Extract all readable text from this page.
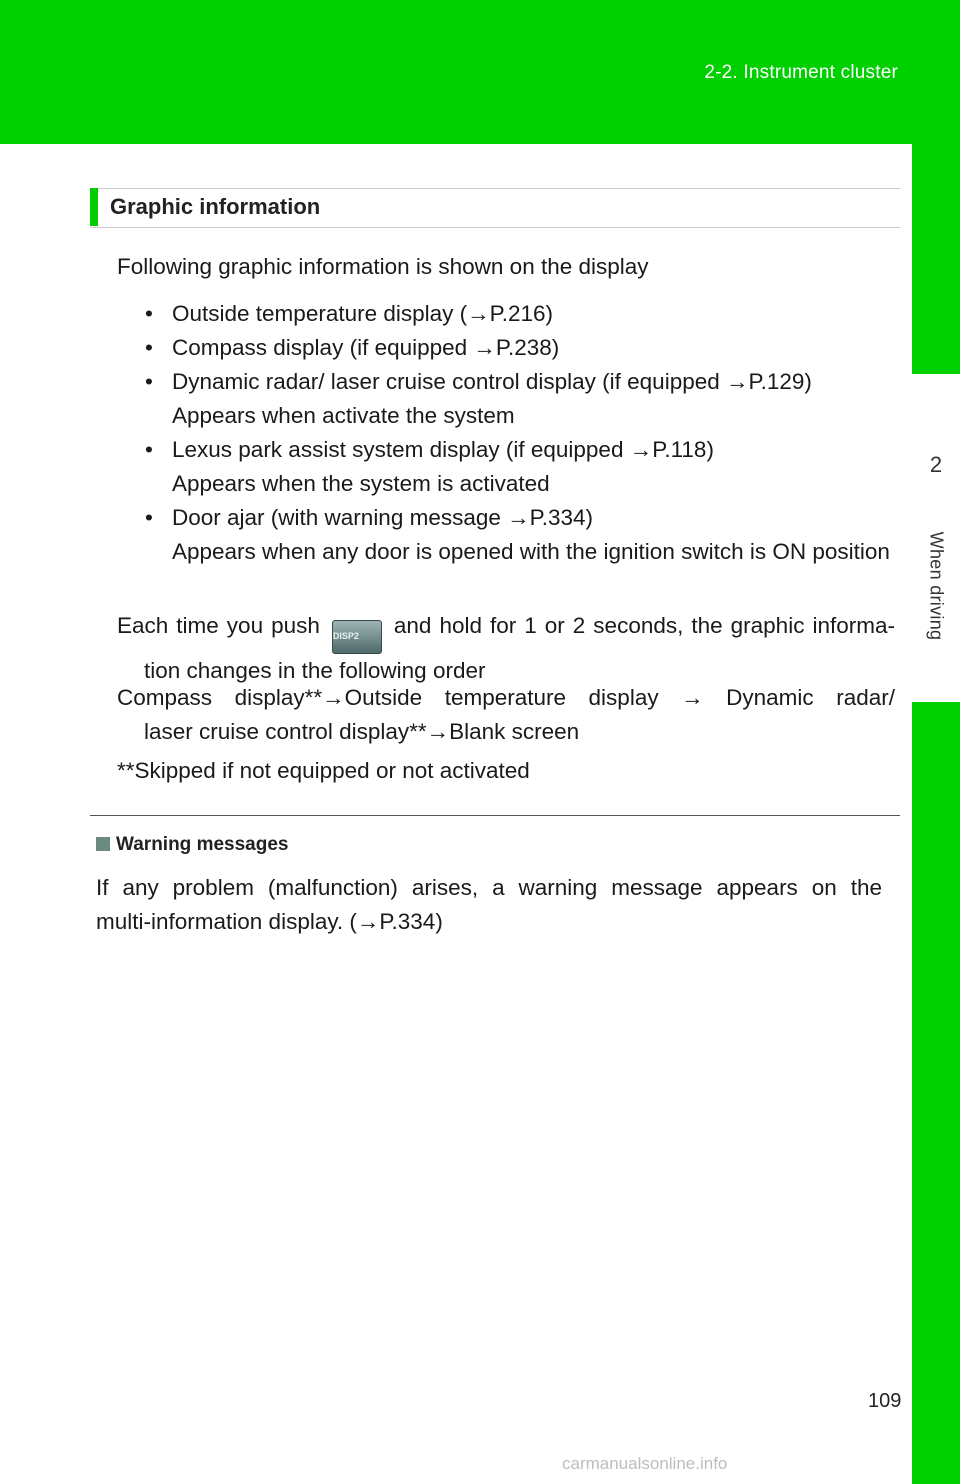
2-2. Instrument cluster
2
When driving
Graphic information
Following graphic information is shown on the display
• Outside temperature display (→P.216)
• Compass display (if equipped →P.238)
• Dynamic radar/ laser cruise control display (if equipped →P.129)
Appears when activate the system
• Lexus park assist system display (if equipped →P.118)
Appears when the system is activated
• Door ajar (with warning message →P.334)
Appears when any door is opened with the ignition switch is ON position
Each time you push DISP2 and hold for 1 or 2 seconds, the graphic informa-
tion changes in the following order
Compass display**→Outside temperature display → Dynamic radar/
laser cruise control display**→Blank screen
**Skipped if not equipped or not activated
Warning messages
If any problem (malfunction) arises, a warning message appears on the
multi-information display. (→P.334)
109
carmanualsonline.info
